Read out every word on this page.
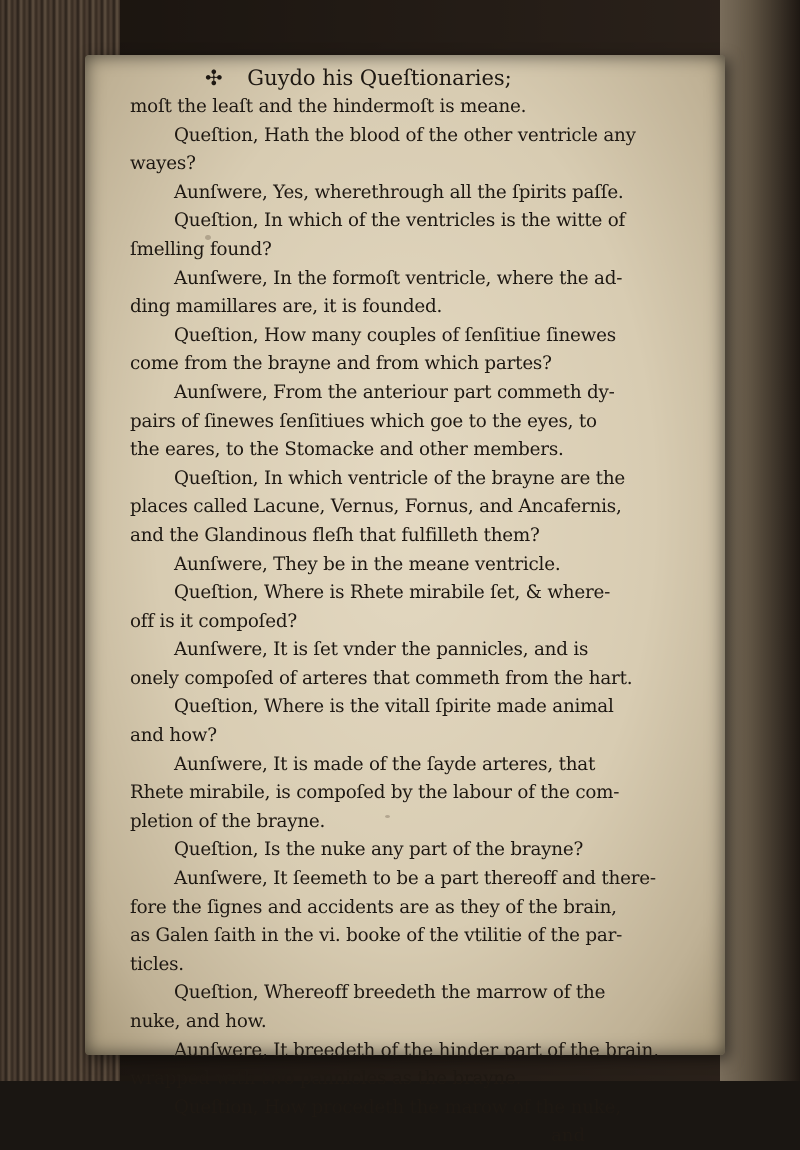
✣ Guydo his Queſtionaries;
moſt the leaſt and the hindermoſt is meane.
Queſtion, Hath the blood of the other ventricle any
wayes?
Aunſwere, Yes, wherethrough all the ſpirits paſſe.
Queſtion, In which of the ventricles is the witte of
ſmelling found?
Aunſwere, In the formoſt ventricle, where the ad-
ding mamillares are, it is founded.
Queſtion, How many couples of ſenſitiue ſinewes
come from the brayne and from which partes?
Aunſwere, From the anteriour part commeth dy-
pairs of ſinewes ſenſitiues which goe to the eyes, to
the eares, to the Stomacke and other members.
Queſtion, In which ventricle of the brayne are the
places called Lacune, Vernus, Fornus, and Ancafernis,
and the Glandinous fleſh that fulfilleth them?
Aunſwere, They be in the meane ventricle.
Queſtion, Where is Rhete mirabile ſet, & where-
off is it compoſed?
Aunſwere, It is ſet vnder the pannicles, and is
onely compoſed of arteres that commeth from the hart.
Queſtion, Where is the vitall ſpirite made animal
and how?
Aunſwere, It is made of the ſayde arteres, that
Rhete mirabile, is compoſed by the labour of the com-
pletion of the brayne.
Queſtion, Is the nuke any part of the brayne?
Aunſwere, It ſeemeth to be a part thereoff and there-
fore the ſignes and accidents are as they of the brain,
as Galen ſaith in the vi. booke of the vtilitie of the par-
ticles.
Queſtion, Whereoff breedeth the marrow of the
nuke, and how.
Aunſwere, It breedeth of the hinder part of the brain,
wrapped with two pannicles as the brayne.
Queſtion, How procedeth the marow of the nuke,
and
